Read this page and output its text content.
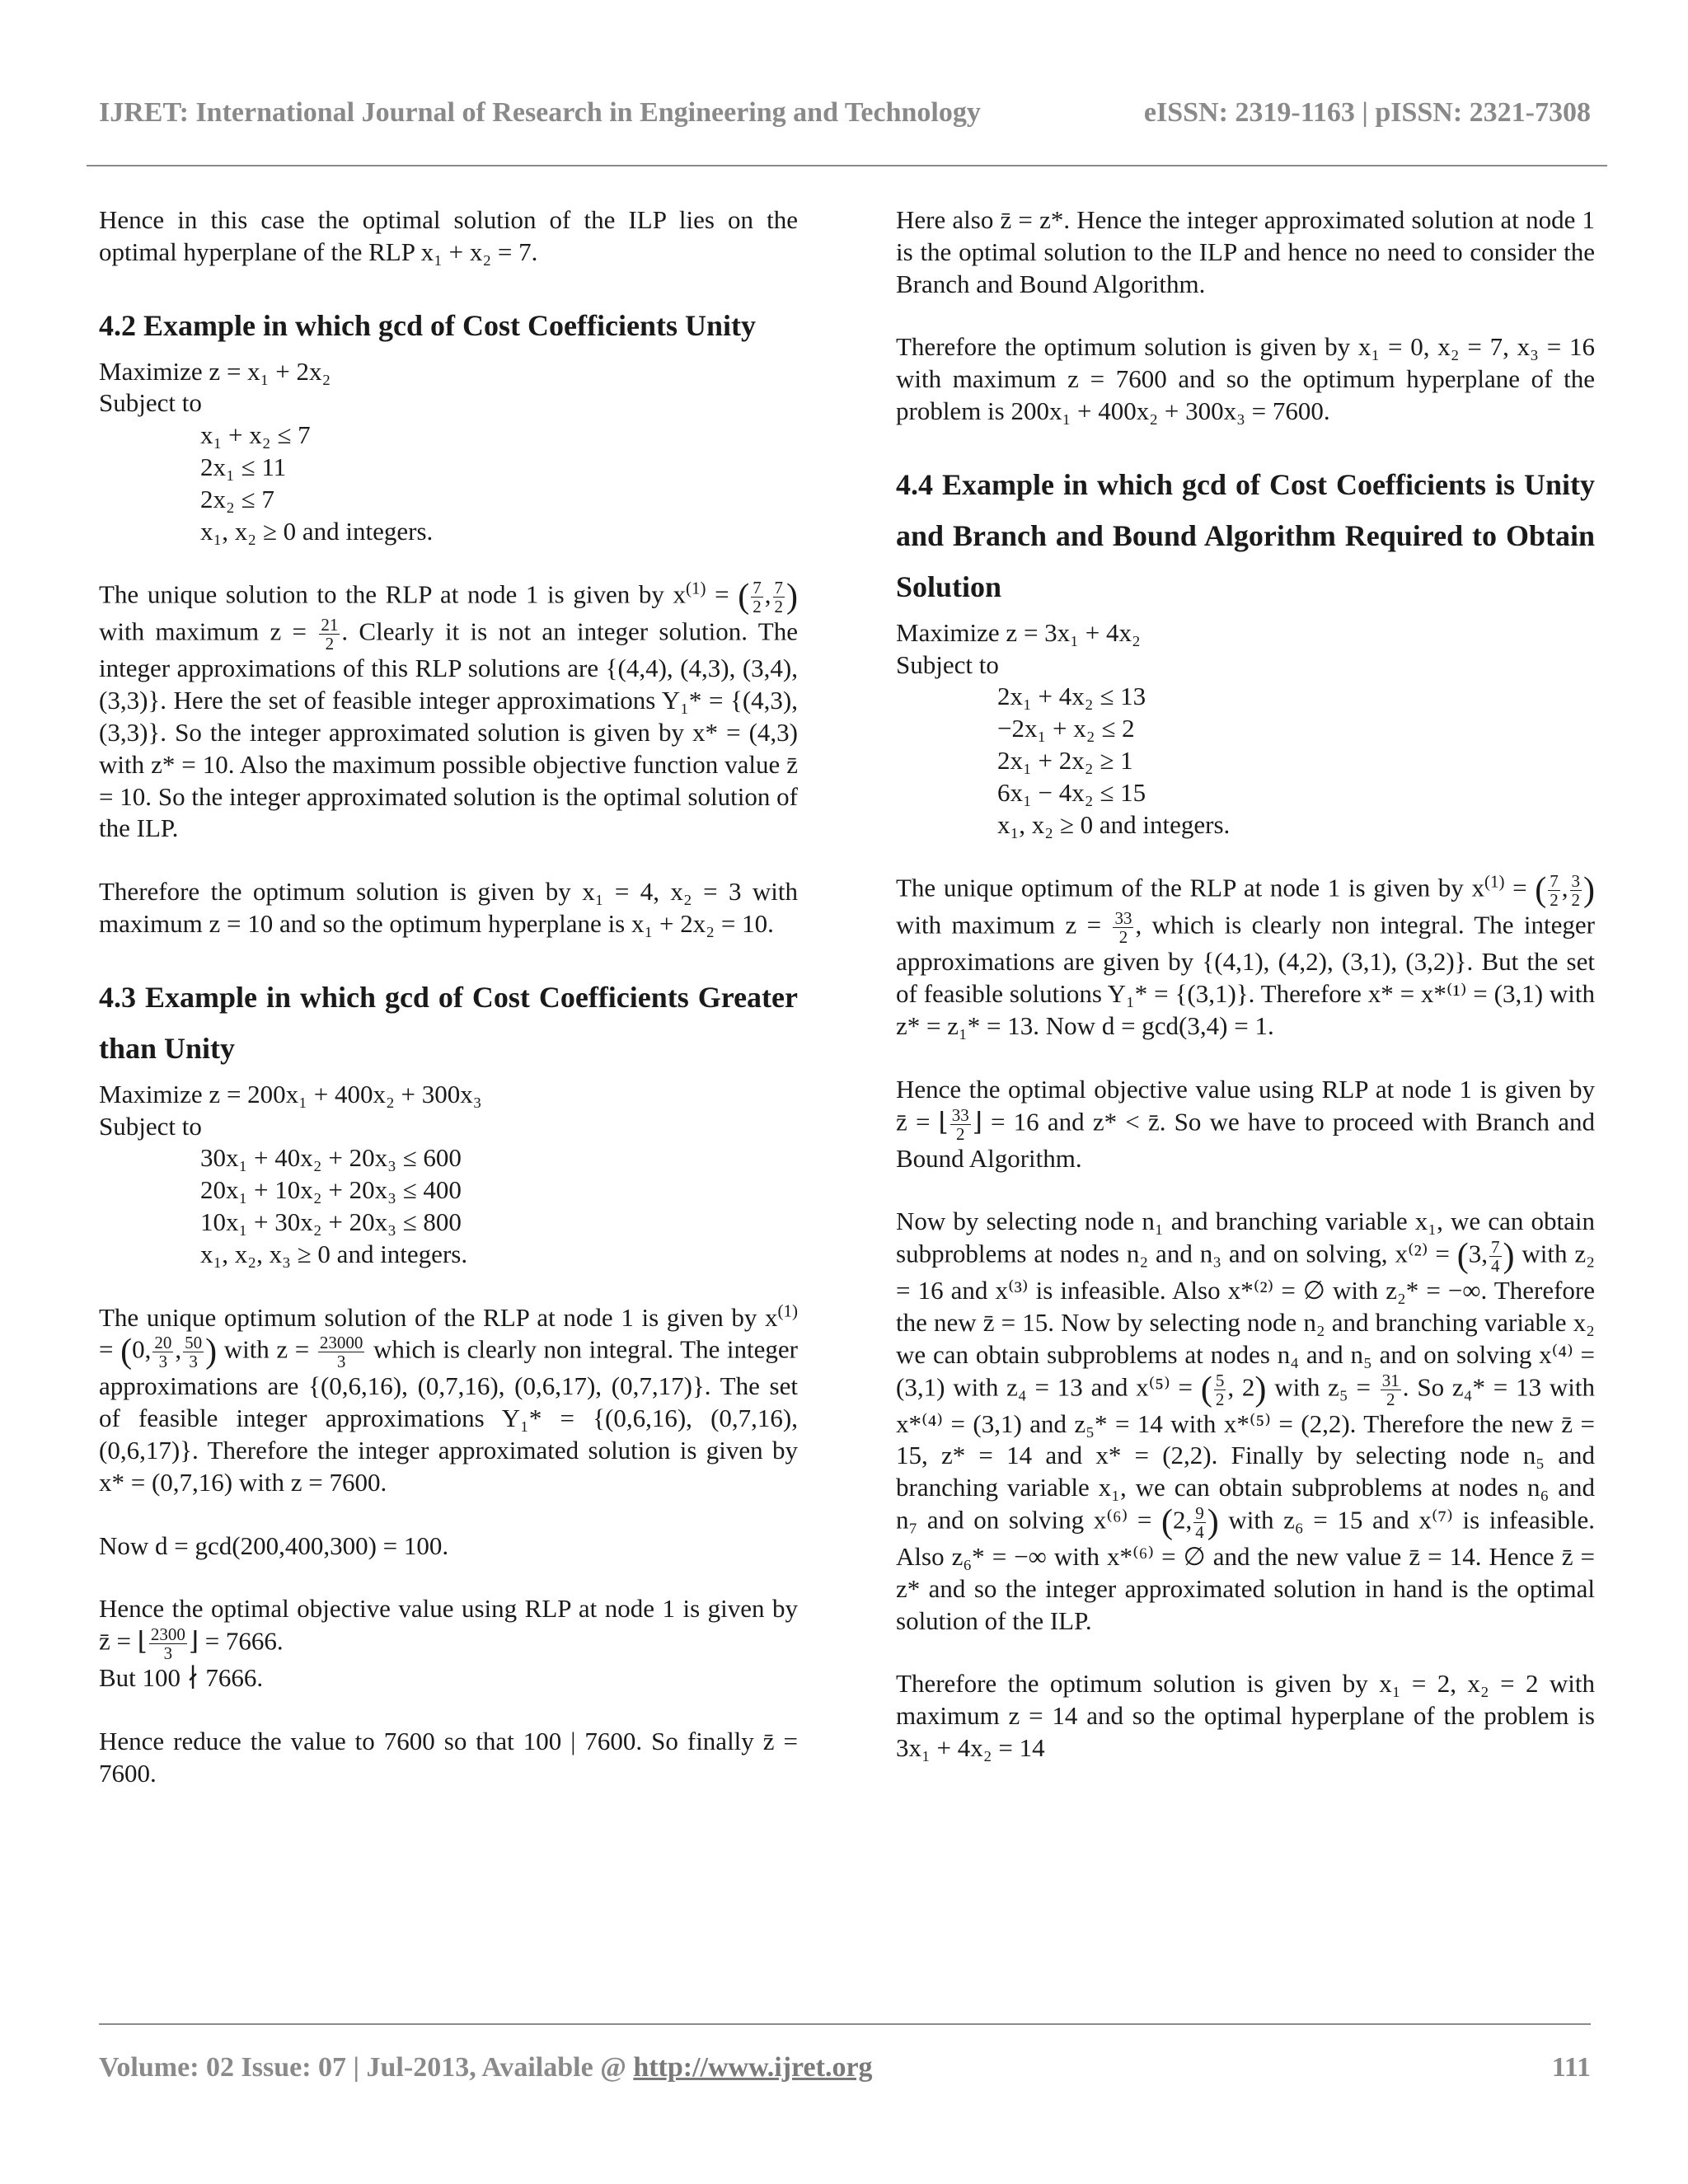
IJRET: International Journal of Research in Engineering and Technology	eISSN: 2319-1163 | pISSN: 2321-7308

Hence in this case the optimal solution of the ILP lies on the optimal hyperplane of the RLP x₁ + x₂ = 7.

4.2 Example in which gcd of Cost Coefficients Unity
Maximize z = x₁ + 2x₂
Subject to
x₁ + x₂ ≤ 7
2x₁ ≤ 11
2x₂ ≤ 7
x₁, x₂ ≥ 0 and integers.

The unique solution to the RLP at node 1 is given by $x^{(1)}$ = ( $\frac{7}{2}$ , $\frac{7}{2}$ ) with maximum $z = \frac{21}{2}$ . Clearly it is not an integer solution. The integer approximations of this RLP solutions are {(4,4), (4,3), (3,4), (3,3)}. Here the set of feasible integer approximations Y₁* = {(4,3), (3,3)}. So the integer approximated solution is given by x* = (4,3) with z* = 10. Also the maximum possible objective function value z̄ = 10. So the integer approximated solution is the optimal solution of the ILP.

Therefore the optimum solution is given by x₁ = 4, x₂ = 3 with maximum z = 10 and so the optimum hyperplane is x₁ + 2x₂ = 10.

4.3 Example in which gcd of Cost Coefficients Greater than Unity
Maximize z = 200x₁ + 400x₂ + 300x₃
Subject to
30x₁ + 40x₂ + 20x₃ ≤ 600
20x₁ + 10x₂ + 20x₃ ≤ 400
10x₁ + 30x₂ + 20x₃ ≤ 800
x₁, x₂, x₃ ≥ 0 and integers.

The unique optimum solution of the RLP at node 1 is given by $x^{(1)} = (0$, $\frac{20}{3}$ , $\frac{50}{3}$ ) with $z = \frac{23000}{3}$ which is clearly non integral. The integer approximations are {(0,6,16), (0,7,16), (0,6,17), (0,7,17)}. The set of feasible integer approximations Y₁* = {(0,6,16), (0,7,16), (0,6,17)}. Therefore the integer approximated solution is given by x* = (0,7,16) with z = 7600.

Now d = gcd(200,400,300) = 100.

Hence the optimal objective value using RLP at node 1 is given by z̄ = ⌊ $\frac{2300}{3}$ ⌋ = 7666.
But 100 ∤ 7666.

Hence reduce the value to 7600 so that 100 | 7600. So finally z̄ = 7600.

Here also z̄ = z*. Hence the integer approximated solution at node 1 is the optimal solution to the ILP and hence no need to consider the Branch and Bound Algorithm.

Therefore the optimum solution is given by x₁ = 0, x₂ = 7, x₃ = 16 with maximum z = 7600 and so the optimum hyperplane of the problem is 200x₁ + 400x₂ + 300x₃ = 7600.

4.4 Example in which gcd of Cost Coefficients is Unity and Branch and Bound Algorithm Required to Obtain Solution
Maximize z = 3x₁ + 4x₂
Subject to
2x₁ + 4x₂ ≤ 13
−2x₁ + x₂ ≤ 2
2x₁ + 2x₂ ≥ 1
6x₁ − 4x₂ ≤ 15
x₁, x₂ ≥ 0 and integers.

The unique optimum of the RLP at node 1 is given by $x^{(1)}$ = ( $\frac{7}{2}$ , $\frac{3}{2}$ ) with maximum $z = \frac{33}{2}$ , which is clearly non integral. The integer approximations are given by {(4,1), (4,2), (3,1), (3,2)}. But the set of feasible solutions Y₁* = {(3,1)}. Therefore x* = x*⁽¹⁾ = (3,1) with z* = z₁* = 13. Now d = gcd(3,4) = 1.

Hence the optimal objective value using RLP at node 1 is given by z̄ = ⌊ $\frac{33}{2}$ ⌋ = 16 and z* < z̄. So we have to proceed with Branch and Bound Algorithm.

Now by selecting node n₁ and branching variable x₁, we can obtain subproblems at nodes n₂ and n₃ and on solving, x⁽²⁾ = (3, $\frac{7}{4}$ ) with z₂ = 16 and x⁽³⁾ is infeasible. Also x*⁽²⁾ = ∅ with z₂* = −∞. Therefore the new z̄ = 15. Now by selecting node n₂ and branching variable x₂ we can obtain subproblems at nodes n₄ and n₅ and on solving x⁽⁴⁾ = (3,1) with z₄ = 13 and x⁽⁵⁾ = ( $\frac{5}{2}$ , 2) with $z_5 = \frac{31}{2}$ . So z₄* = 13 with x*⁽⁴⁾ = (3,1) and z₅* = 14 with x*⁽⁵⁾ = (2,2). Therefore the new z̄ = 15, z* = 14 and x* = (2,2). Finally by selecting node n₅ and branching variable x₁, we can obtain subproblems at nodes n₆ and n₇ and on solving x⁽⁶⁾ = (2, $\frac{9}{4}$ ) with z₆ = 15 and x⁽⁷⁾ is infeasible. Also z₆* = −∞ with x*⁽⁶⁾ = ∅ and the new value z̄ = 14. Hence z̄ = z* and so the integer approximated solution in hand is the optimal solution of the ILP.

Therefore the optimum solution is given by x₁ = 2, x₂ = 2 with maximum z = 14 and so the optimal hyperplane of the problem is 3x₁ + 4x₂ = 14

Volume: 02 Issue: 07 | Jul-2013, Available @ http://www.ijret.org	111
